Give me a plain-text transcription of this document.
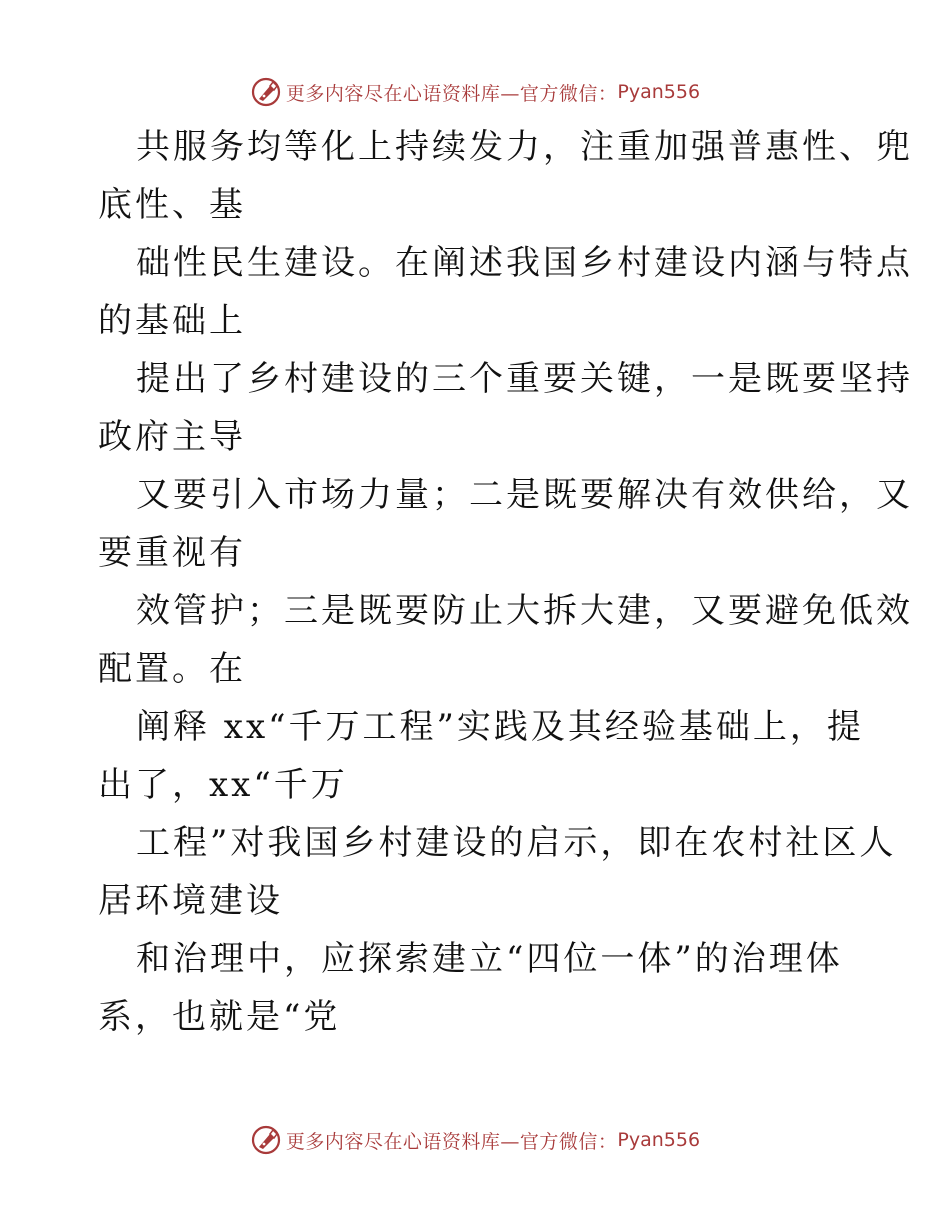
更多内容尽在心语资料库—官方微信： Pyan556
共服务均等化上持续发力，注重加强普惠性、兜
底性、基
础性民生建设。在阐述我国乡村建设内涵与特点
的基础上
提出了乡村建设的三个重要关键，一是既要坚持
政府主导
又要引入市场力量；二是既要解决有效供给，又
要重视有
效管护；三是既要防止大拆大建，又要避免低效
配置。在
阐释 xx“千万工程”实践及其经验基础上，提
出了，xx“千万
工程”对我国乡村建设的启示，即在农村社区人
居环境建设
和治理中，应探索建立“四位一体”的治理体
系，也就是“党
更多内容尽在心语资料库—官方微信： Pyan556
